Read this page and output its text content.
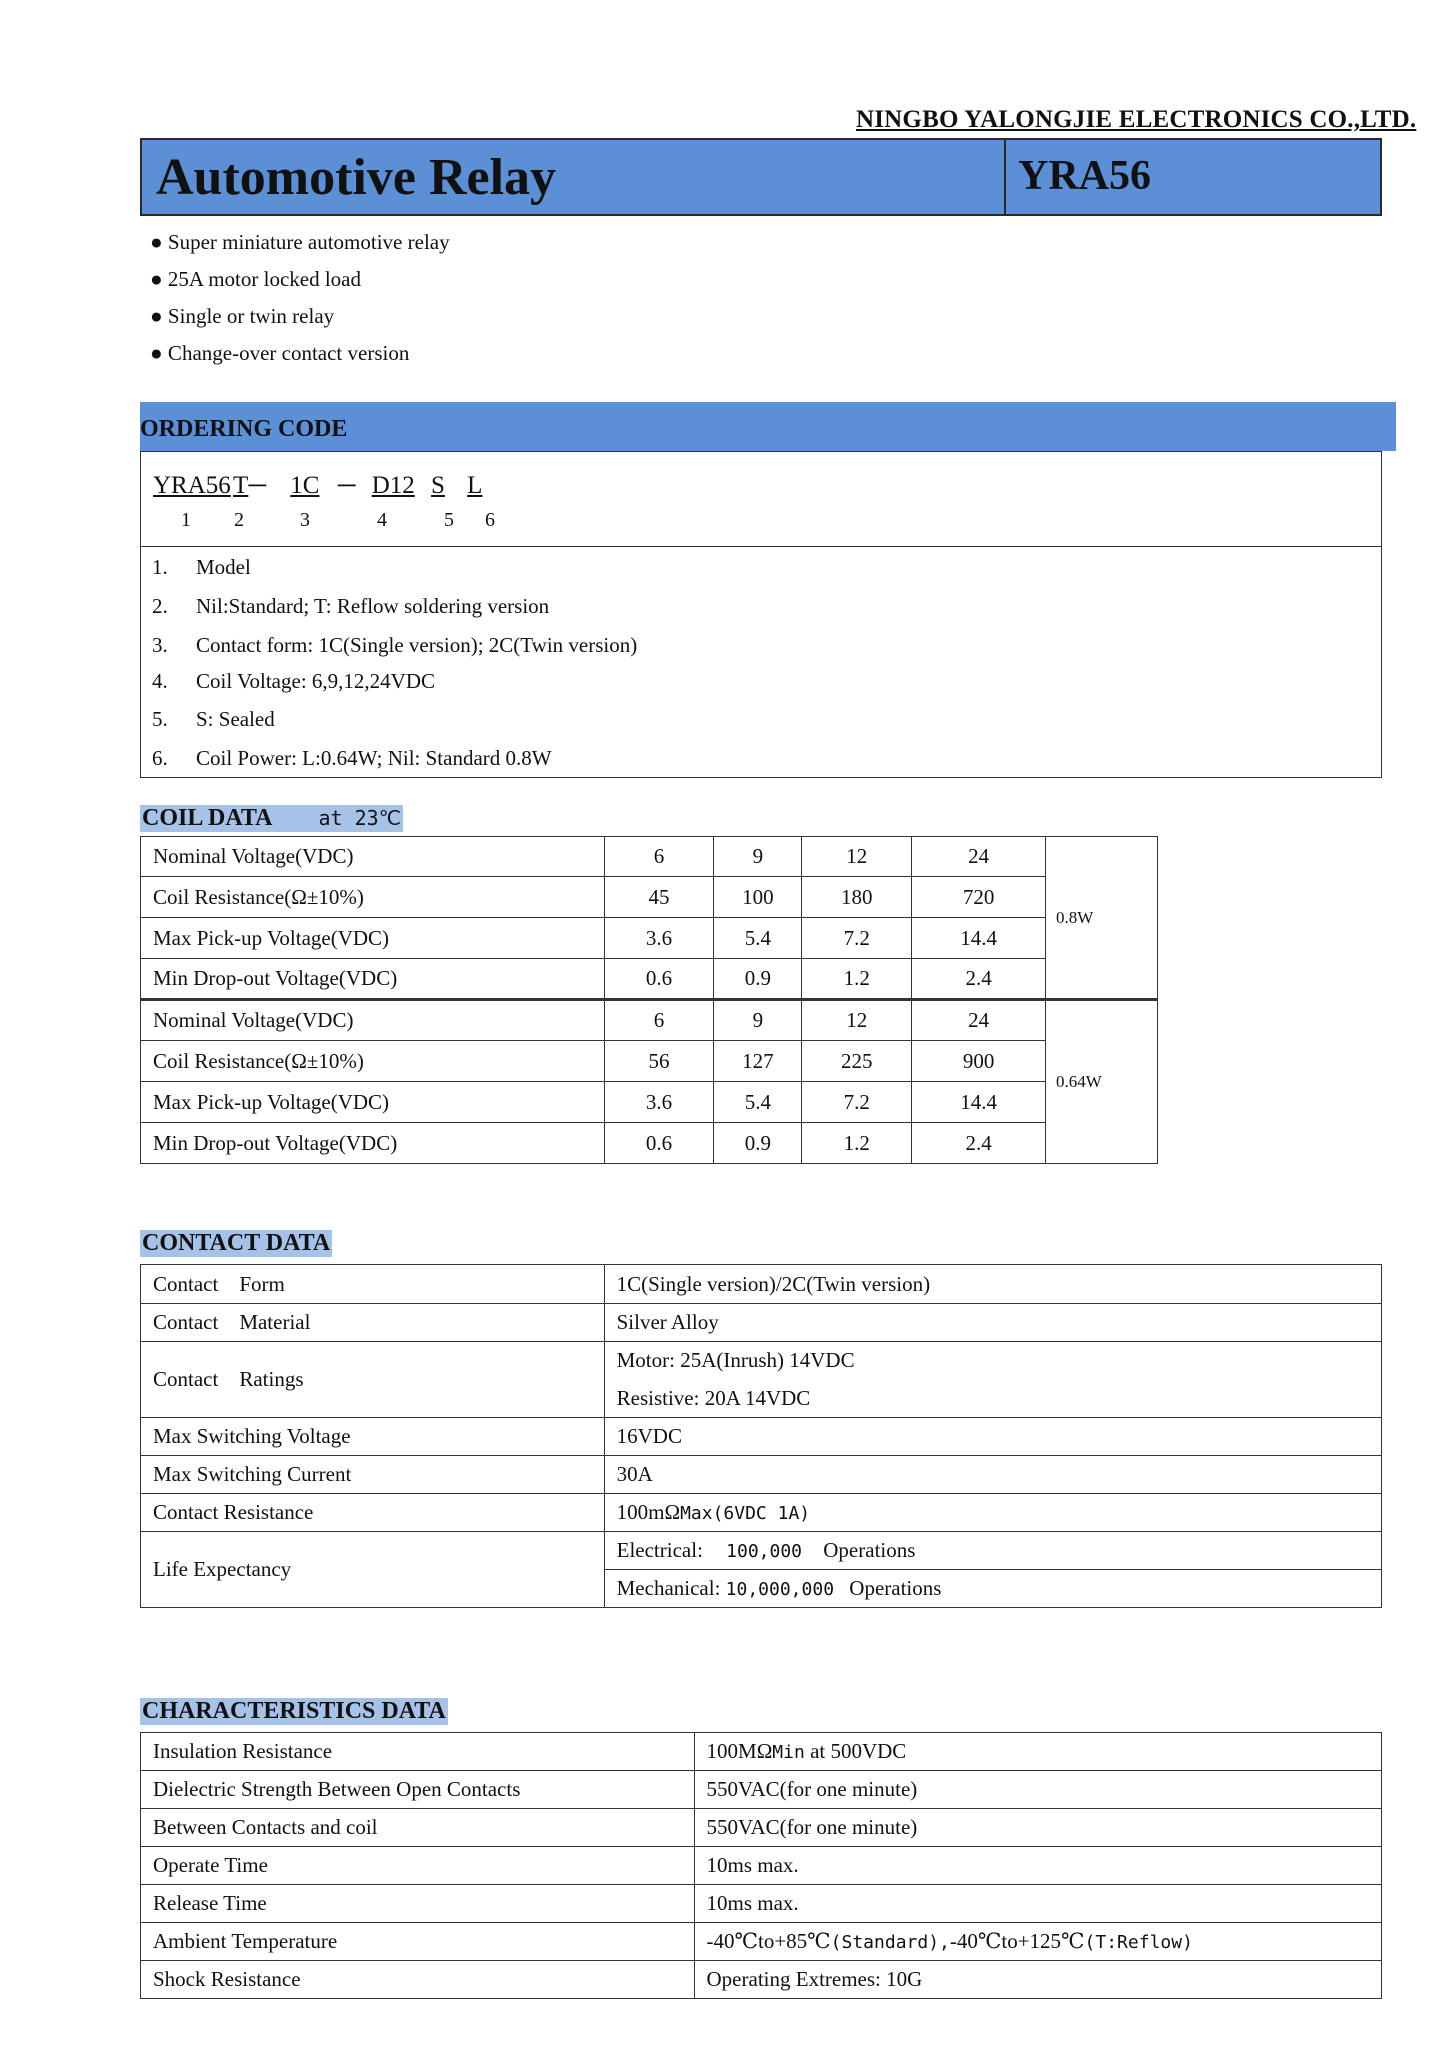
NINGBO YALONGJIE ELECTRONICS CO.,LTD.
Automotive Relay	YRA56
● Super miniature automotive relay
● 25A motor locked load
● Single or twin relay
● Change-over contact version
ORDERING CODE
YRA56 T─ 1C ─ D12 S L
1 2	3	4	5 6
1. Model
2. Nil:Standard; T: Reflow soldering version
3. Contact form: 1C(Single version); 2C(Twin version)
4. Coil Voltage: 6,9,12,24VDC
5. S: Sealed
6. Coil Power: L:0.64W; Nil: Standard 0.8W
COIL DATA at 23℃
Nominal Voltage(VDC)	6	9	12	24	0.8W
Coil Resistance(Ω±10%)	45	100	180	720	
Max Pick-up Voltage(VDC)	3.6	5.4	7.2	14.4	
Min Drop-out Voltage(VDC)	0.6	0.9	1.2	2.4	
Nominal Voltage(VDC)	6	9	12	24	0.64W
Coil Resistance(Ω±10%)	56	127	225	900	
Max Pick-up Voltage(VDC)	3.6	5.4	7.2	14.4	
Min Drop-out Voltage(VDC)	0.6	0.9	1.2	2.4	
CONTACT DATA
Contact    Form	1C(Single version)/2C(Twin version)
Contact    Material	Silver Alloy
Contact    Ratings	Motor: 25A(Inrush) 14VDC
	Resistive: 20A 14VDC
Max Switching Voltage	16VDC
Max Switching Current	30A
Contact Resistance	100mΩMax(6VDC 1A)
Life Expectancy	Electrical: 100,000 Operations
	Mechanical: 10,000,000 Operations
CHARACTERISTICS DATA
Insulation Resistance	100MΩMin at 500VDC
Dielectric Strength Between Open Contacts	550VAC(for one minute)
Between Contacts and coil	550VAC(for one minute)
Operate Time	10ms max.
Release Time	10ms max.
Ambient Temperature	-40℃to+85℃(Standard),-40℃to+125℃(T:Reflow)
Shock Resistance	Operating Extremes: 10G
